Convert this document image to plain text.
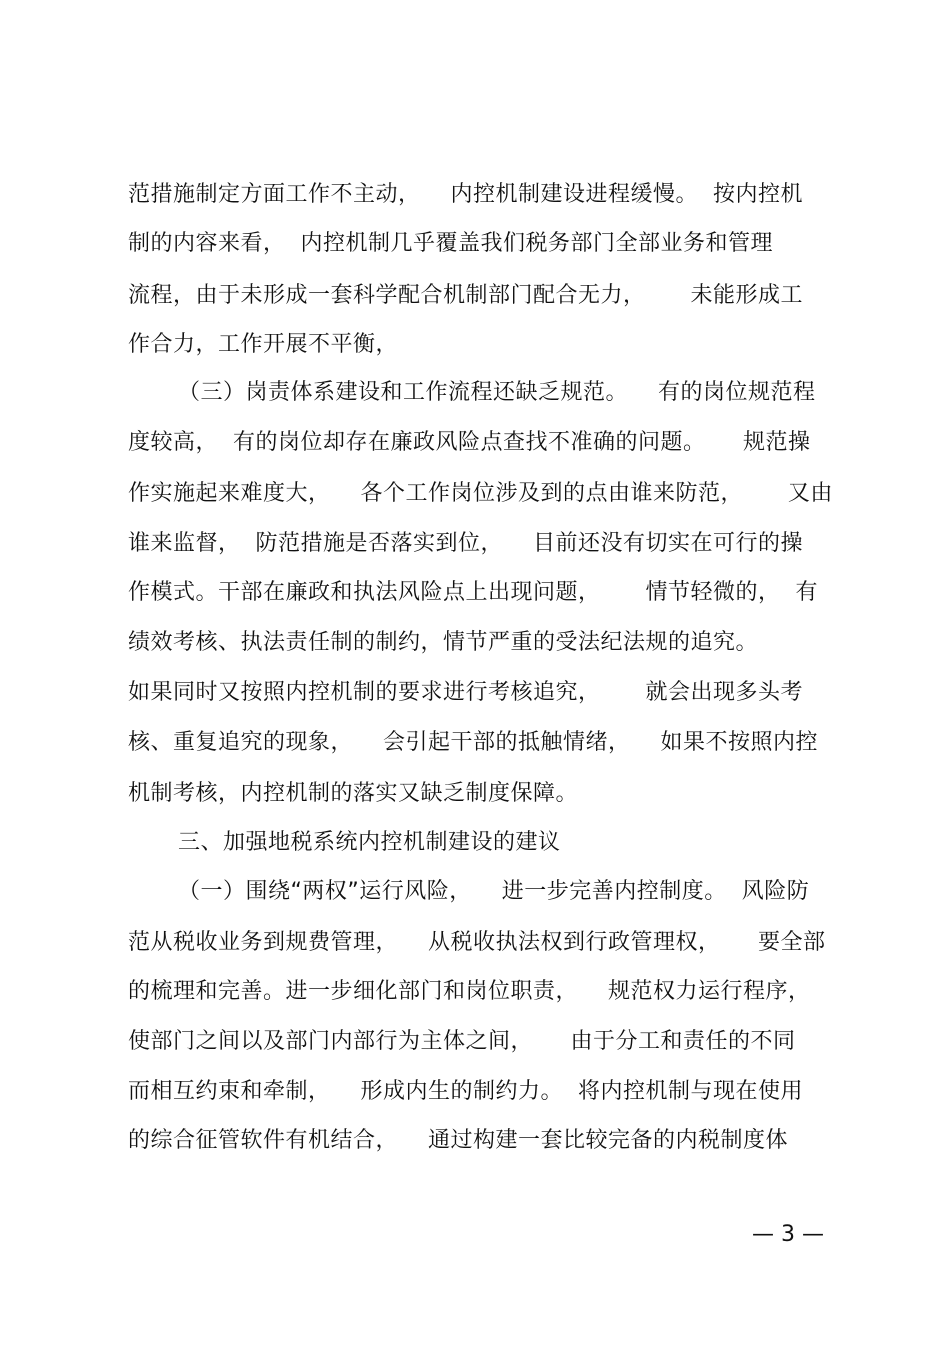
范措施制定方面工作不主动，    内控机制建设进程缓慢。  按内控机
制的内容来看，  内控机制几乎覆盖我们税务部门全部业务和管理
流程，由于未形成一套科学配合机制部门配合无力，      未能形成工
作合力，工作开展不平衡，
（三）岗责体系建设和工作流程还缺乏规范。    有的岗位规范程
度较高，  有的岗位却存在廉政风险点查找不准确的问题。     规范操
作实施起来难度大，    各个工作岗位涉及到的点由谁来防范，      又由
谁来监督，  防范措施是否落实到位，    目前还没有切实在可行的操
作模式。干部在廉政和执法风险点上出现问题，      情节轻微的，  有
绩效考核、执法责任制的制约，情节严重的受法纪法规的追究。
如果同时又按照内控机制的要求进行考核追究，      就会出现多头考
核、重复追究的现象，    会引起干部的抵触情绪，    如果不按照内控
机制考核，内控机制的落实又缺乏制度保障。
三、加强地税系统内控机制建设的建议
（一）围绕“两权”运行风险，    进一步完善内控制度。  风险防
范从税收业务到规费管理，    从税收执法权到行政管理权，     要全部
的梳理和完善。进一步细化部门和岗位职责，    规范权力运行程序，
使部门之间以及部门内部行为主体之间，     由于分工和责任的不同
而相互约束和牵制，    形成内生的制约力。  将内控机制与现在使用
的综合征管软件有机结合，    通过构建一套比较完备的内税制度体
— 3 —
